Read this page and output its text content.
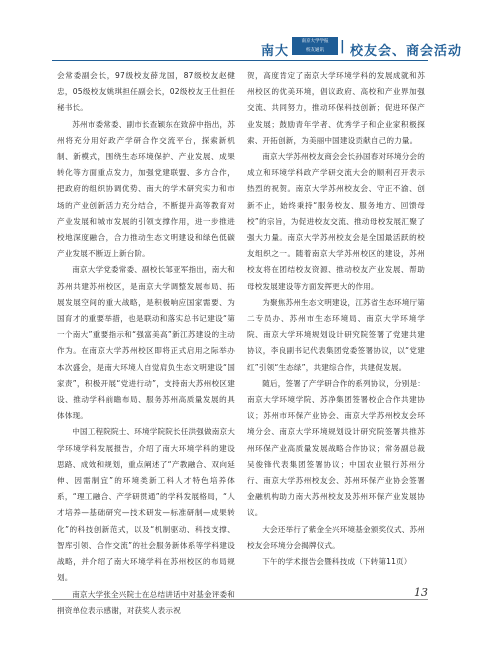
南大
南京大学学报
校友通讯	| 校友会、商会活动

会常委副会长，97级校友薛龙国，87级校友赵健忠，05级校友姚琪担任副会长，02级校友王仕担任秘书长。

苏州市委常委、副市长查颖东在致辞中指出，苏州将充分用好政产学研合作交流平台，探索新机制、新模式，围绕生态环境保护、产业发展、成果转化等方面重点发力，加强党建联盟、多方合作，把政府的组织协调优势、南大的学术研究实力和市场的产业创新活力充分结合，不断提升高等教育对产业发展和城市发展的引领支撑作用，进一步推进校地深度融合，合力推动生态文明建设和绿色低碳产业发展不断迈上新台阶。

南京大学党委常委、副校长邹亚军指出，南大和苏州共建苏州校区，是南京大学调整发展布局、拓展发展空间的重大战略，是积极响应国家需要、为国育才的重要举措，也是联动和落实总书记建设“第一个南大”重要指示和“强富美高”新江苏建设的主动作为。在南京大学苏州校区即将正式启用之际举办本次盛会，是南大环境人自觉肩负生态文明建设“国家责”，积极开展“党进行动”，支持南大苏州校区建设、推动学科前瞻布局、服务苏州高质量发展的具体体现。

中国工程院院士、环境学院院长任洪强做南京大学环境学科发展报告，介绍了南大环境学科的建设思路、成效和规划，重点阐述了“产教融合、双向延伸、因需制宜”的环境类新工科人才特色培养体系，“理工融合、产学研贯通”的学科发展格局，“人才培养—基础研究—技术研发—标准研制—成果转化”的科技创新范式，以及“机制驱动、科技支撑、智库引领、合作交流”的社会服务新体系等学科建设战略，并介绍了南大环境学科在苏州校区的布局规划。

南京大学张全兴院士在总结讲话中对基金评委和捐资单位表示感谢，对获奖人表示祝

贺，高度肯定了南京大学环境学科的发展成就和苏州校区的优美环境，倡议政府、高校和产业界加强交流、共同努力，推动环保科技创新；促进环保产业发展；鼓励青年学者、优秀学子和企业家积极探索、开拓创新，为美丽中国建设贡献自己的力量。

南京大学苏州校友商会会长孙国春对环境分会的成立和环境学科政产学研交流大会的顺利召开表示热烈的祝贺。南京大学苏州校友会、守正不渝、创新不止，始终秉持“服务校友、服务地方、回馈母校”的宗旨，为促进校友交流、推动母校发展汇聚了强大力量。南京大学苏州校友会是全国最活跃的校友组织之一。随着南京大学苏州校区的建设，苏州校友将在团结校友资源、推动校友产业发展、帮助母校发展建设等方面发挥更大的作用。

为聚焦苏州生态文明建设，江苏省生态环境厅第二专员办、苏州市生态环境局、南京大学环境学院、南京大学环境规划设计研究院签署了党建共建协议，李良副书记代表集团党委签署协议，以“党建红”引领“生态绿”，共建综合作，共建促发展。

随后，签署了产学研合作的系列协议，分别是：南京大学环境学院、苏净集团签署校企合作共建协议；苏州市环保产业协会、南京大学苏州校友会环境分会、南京大学环境规划设计研究院签署共推苏州环保产业高质量发展战略合作协议；常务副总裁吴俊锋代表集团签署协议；中国农业银行苏州分行、南京大学苏州校友会、苏州环保产业协会签署金融机构助力南大苏州校友及苏州环保产业发展协议。

大会还举行了紫金全兴环境基金颁奖仪式、苏州校友会环境分会揭牌仪式。

下午的学术报告会暨科技成（下转第11页）

13
